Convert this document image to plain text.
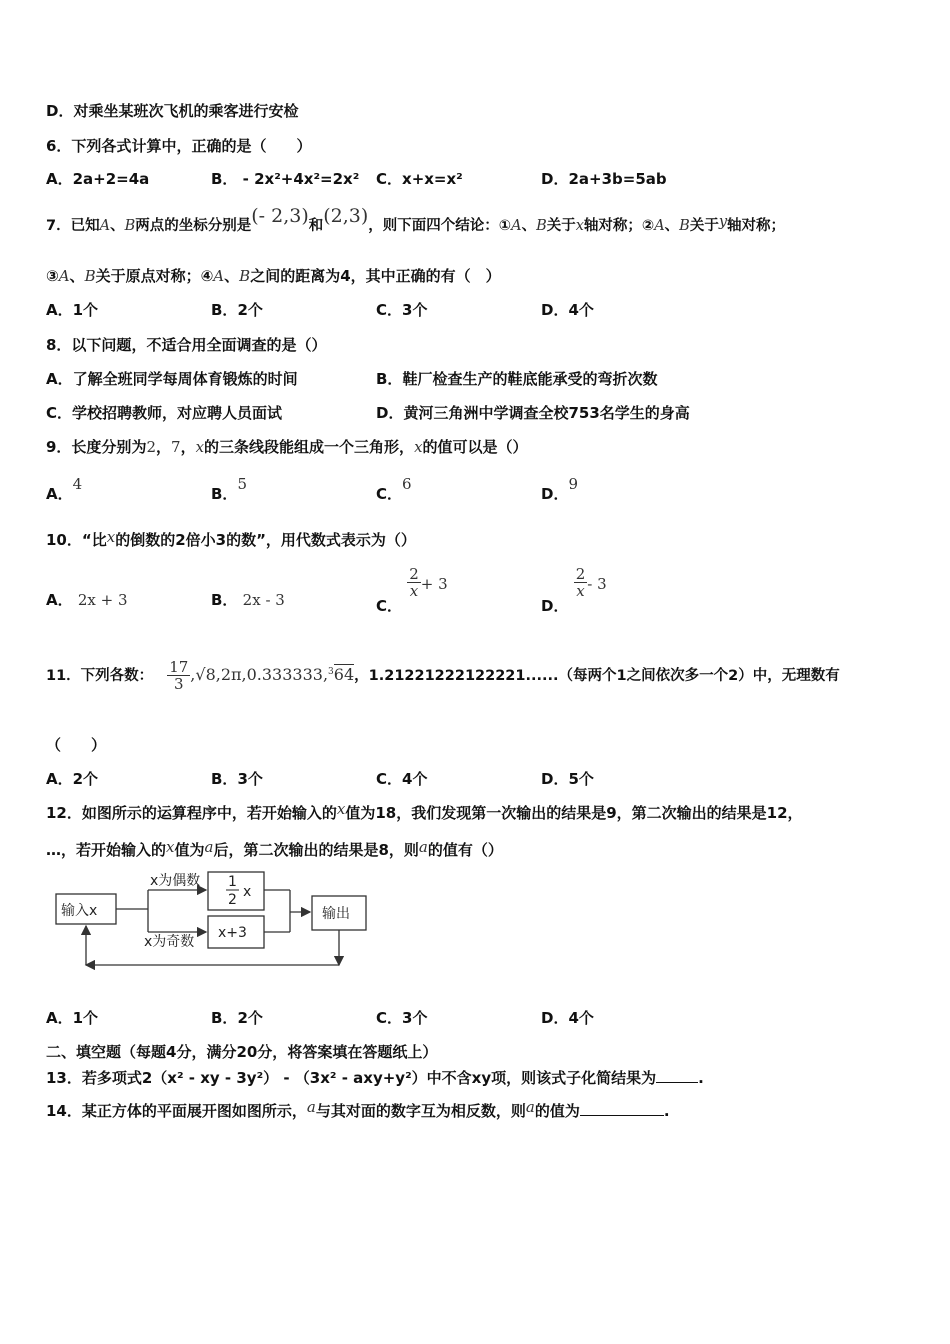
D．对乘坐某班次飞机的乘客进行安检
6．下列各式计算中，正确的是（　　）
A．2a+2=4a	B． - 2x²+4x²=2x² C．x+x=x²	D．2a+3b=5ab
7．已知A、B两点的坐标分别是(- 2,3)和(2,3)，则下面四个结论：①A、B关于x轴对称；②A、B关于y轴对称；
③A、B关于原点对称；④A、B之间的距离为4，其中正确的有（　）
A．1个	B．2个	C．3个	D．4个
8．以下问题，不适合用全面调查的是（）
A．了解全班同学每周体育锻炼的时间	B．鞋厂检查生产的鞋底能承受的弯折次数
C．学校招聘教师，对应聘人员面试	D．黄河三角洲中学调查全校753名学生的身高
9．长度分别为2，7，x的三条线段能组成一个三角形，x的值可以是（）
A．4
B．5
C．6
D．9
10．“比x的倒数的2倍小3的数”，用代数式表示为（）
A． 2x + 3	B． 2x - 3	C．
$\frac{2}{x} + 3$
D．
$\frac{2}{x} - 3$
11．下列各数： $\frac{17}{3} ,√8,2\pi,0.333333,^364$，1.21221222122221......（每两个1之间依次多一个2）中，无理数有
（　　）
A．2个	B．3个	C．4个	D．5个
12．如图所示的运算程序中，若开始输入的x值为18，我们发现第一次输出的结果是9，第二次输出的结果是12，
…，若开始输入的x值为a后，第二次输出的结果是8，则a的值有（）
输入x
x为偶数
x为奇数
1
2 x
x+3
输出
A．1个	B．2个	C．3个	D．4个
二、填空题（每题4分，满分20分，将答案填在答题纸上）
13．若多项式2（x² - xy - 3y²） - （3x² - axy+y²）中不含xy项，则该式子化简结果为	.
14．某正方体的平面展开图如图所示，a与其对面的数字互为相反数，则a的值为	.
